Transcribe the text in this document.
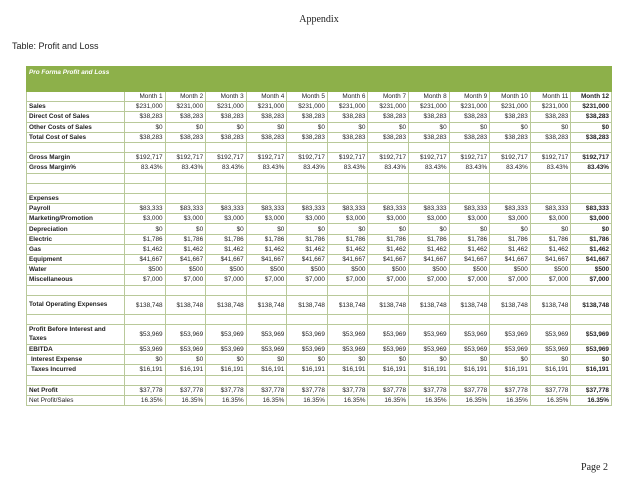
Appendix
Table: Profit and Loss
Pro Forma Profit and Loss												
	Month 1	Month 2	Month 3	Month 4	Month 5	Month 6	Month 7	Month 8	Month 9	Month 10	Month 11	Month 12
Sales	$231,000	$231,000	$231,000	$231,000	$231,000	$231,000	$231,000	$231,000	$231,000	$231,000	$231,000	$231,000
Direct Cost of Sales	$38,283	$38,283	$38,283	$38,283	$38,283	$38,283	$38,283	$38,283	$38,283	$38,283	$38,283	$38,283
Other Costs of Sales	$0	$0	$0	$0	$0	$0	$0	$0	$0	$0	$0	$0
Total Cost of Sales	$38,283	$38,283	$38,283	$38,283	$38,283	$38,283	$38,283	$38,283	$38,283	$38,283	$38,283	$38,283

Gross Margin	$192,717	$192,717	$192,717	$192,717	$192,717	$192,717	$192,717	$192,717	$192,717	$192,717	$192,717	$192,717
Gross Margin%	83.43%	83.43%	83.43%	83.43%	83.43%	83.43%	83.43%	83.43%	83.43%	83.43%	83.43%	83.43%

Expenses												
Payroll	$83,333	$83,333	$83,333	$83,333	$83,333	$83,333	$83,333	$83,333	$83,333	$83,333	$83,333	$83,333
Marketing/Promotion	$3,000	$3,000	$3,000	$3,000	$3,000	$3,000	$3,000	$3,000	$3,000	$3,000	$3,000	$3,000
Depreciation	$0	$0	$0	$0	$0	$0	$0	$0	$0	$0	$0	$0
Electric	$1,786	$1,786	$1,786	$1,786	$1,786	$1,786	$1,786	$1,786	$1,786	$1,786	$1,786	$1,786
Gas	$1,462	$1,462	$1,462	$1,462	$1,462	$1,462	$1,462	$1,462	$1,462	$1,462	$1,462	$1,462
Equipment	$41,667	$41,667	$41,667	$41,667	$41,667	$41,667	$41,667	$41,667	$41,667	$41,667	$41,667	$41,667
Water	$500	$500	$500	$500	$500	$500	$500	$500	$500	$500	$500	$500
Miscellaneous	$7,000	$7,000	$7,000	$7,000	$7,000	$7,000	$7,000	$7,000	$7,000	$7,000	$7,000	$7,000

Total Operating Expenses	$138,748	$138,748	$138,748	$138,748	$138,748	$138,748	$138,748	$138,748	$138,748	$138,748	$138,748	$138,748

Profit Before Interest and Taxes	$53,969	$53,969	$53,969	$53,969	$53,969	$53,969	$53,969	$53,969	$53,969	$53,969	$53,969	$53,969
EBITDA	$53,969	$53,969	$53,969	$53,969	$53,969	$53,969	$53,969	$53,969	$53,969	$53,969	$53,969	$53,969
Interest Expense	$0	$0	$0	$0	$0	$0	$0	$0	$0	$0	$0	$0
Taxes Incurred	$16,191	$16,191	$16,191	$16,191	$16,191	$16,191	$16,191	$16,191	$16,191	$16,191	$16,191	$16,191

Net Profit	$37,778	$37,778	$37,778	$37,778	$37,778	$37,778	$37,778	$37,778	$37,778	$37,778	$37,778	$37,778
Net Profit/Sales	16.35%	16.35%	16.35%	16.35%	16.35%	16.35%	16.35%	16.35%	16.35%	16.35%	16.35%	16.35%
Page 2
